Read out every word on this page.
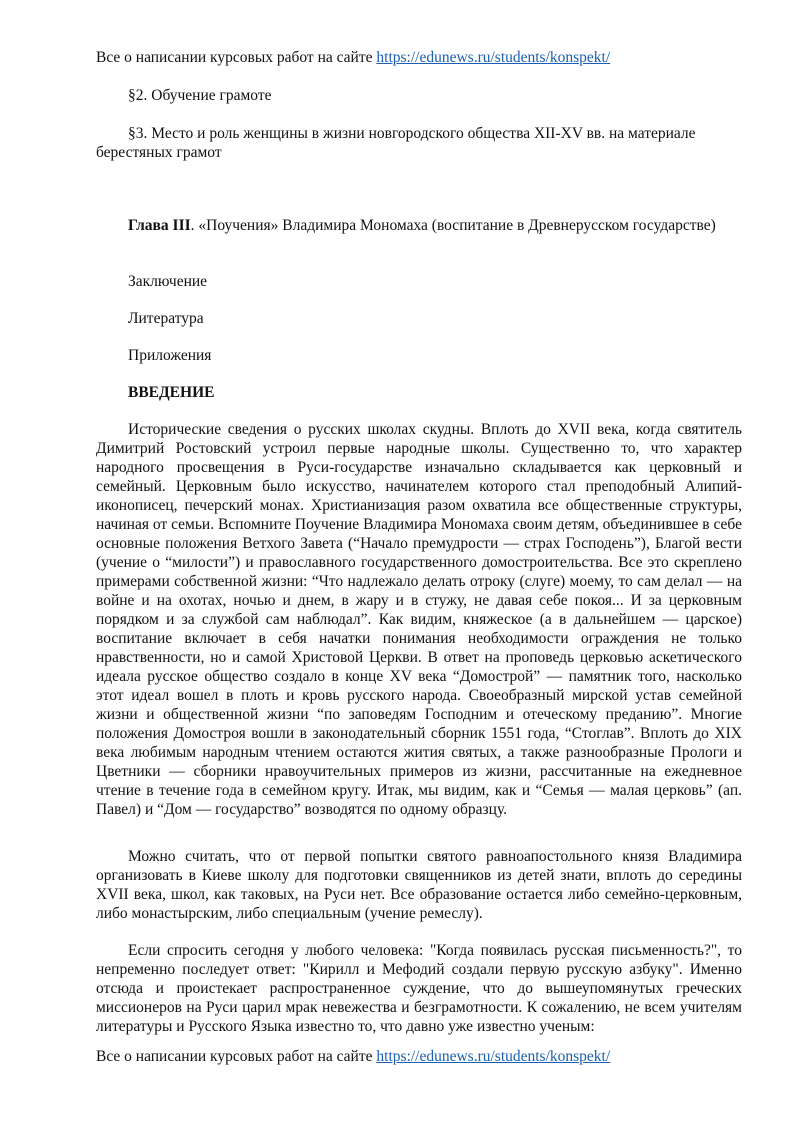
Все о написании курсовых работ на сайте https://edunews.ru/students/konspekt/
§2. Обучение грамоте
§3. Место и роль женщины в жизни новгородского общества XII-XV вв. на материале
берестяных грамот
Глава III. «Поучения» Владимира Мономаха (воспитание в Древнерусском государстве)
Заключение
Литература
Приложения
ВВЕДЕНИЕ

Исторические сведения о русских школах скудны. Вплоть до XVII века, когда святитель Димитрий Ростовский устроил первые народные школы. Существенно то, что характер народного просвещения в Руси-государстве изначально складывается как церковный и семейный. Церковным было искусство, начинателем которого стал преподобный Алипий-иконописец, печерский монах. Христианизация разом охватила все общественные структуры, начиная от семьи. Вспомните Поучение Владимира Мономаха своим детям, объединившее в себе основные положения Ветхого Завета (“Начало премудрости — страх Господень”), Благой вести (учение о “милости”) и православного государственного домостроительства. Все это скреплено примерами собственной жизни: “Что надлежало делать отроку (слуге) моему, то сам делал — на войне и на охотах, ночью и днем, в жару и в стужу, не давая себе покоя... И за церковным порядком и за службой сам наблюдал”. Как видим, княжеское (а в дальнейшем — царское) воспитание включает в себя начатки понимания необходимости ограждения не только нравственности, но и самой Христовой Церкви. В ответ на проповедь церковью аскетического идеала русское общество создало в конце XV века “Домострой” — памятник того, насколько этот идеал вошел в плоть и кровь русского народа. Своеобразный мирской устав семейной жизни и общественной жизни “по заповедям Господним и отеческому преданию”. Многие положения Домостроя вошли в законодательный сборник 1551 года, “Стоглав”. Вплоть до XIX века любимым народным чтением остаются жития святых, а также разнообразные Прологи и Цветники — сборники нравоучительных примеров из жизни, рассчитанные на ежедневное чтение в течение года в семейном кругу. Итак, мы видим, как и “Семья — малая церковь” (ап. Павел) и “Дом — государство” возводятся по одному образцу.

Можно считать, что от первой попытки святого равноапостольного князя Владимира организовать в Киеве школу для подготовки священников из детей знати, вплоть до середины XVII века, школ, как таковых, на Руси нет. Все образование остается либо семейно-церковным, либо монастырским, либо специальным (учение ремеслу).

Если спросить сегодня у любого человека: "Когда появилась русская письменность?", то непременно последует ответ: "Кирилл и Мефодий создали первую русскую азбуку". Именно отсюда и проистекает распространенное суждение, что до вышеупомянутых греческих миссионеров на Руси царил мрак невежества и безграмотности. К сожалению, не всем учителям литературы и Русского Языка известно то, что давно уже известно ученым:

Все о написании курсовых работ на сайте https://edunews.ru/students/konspekt/
